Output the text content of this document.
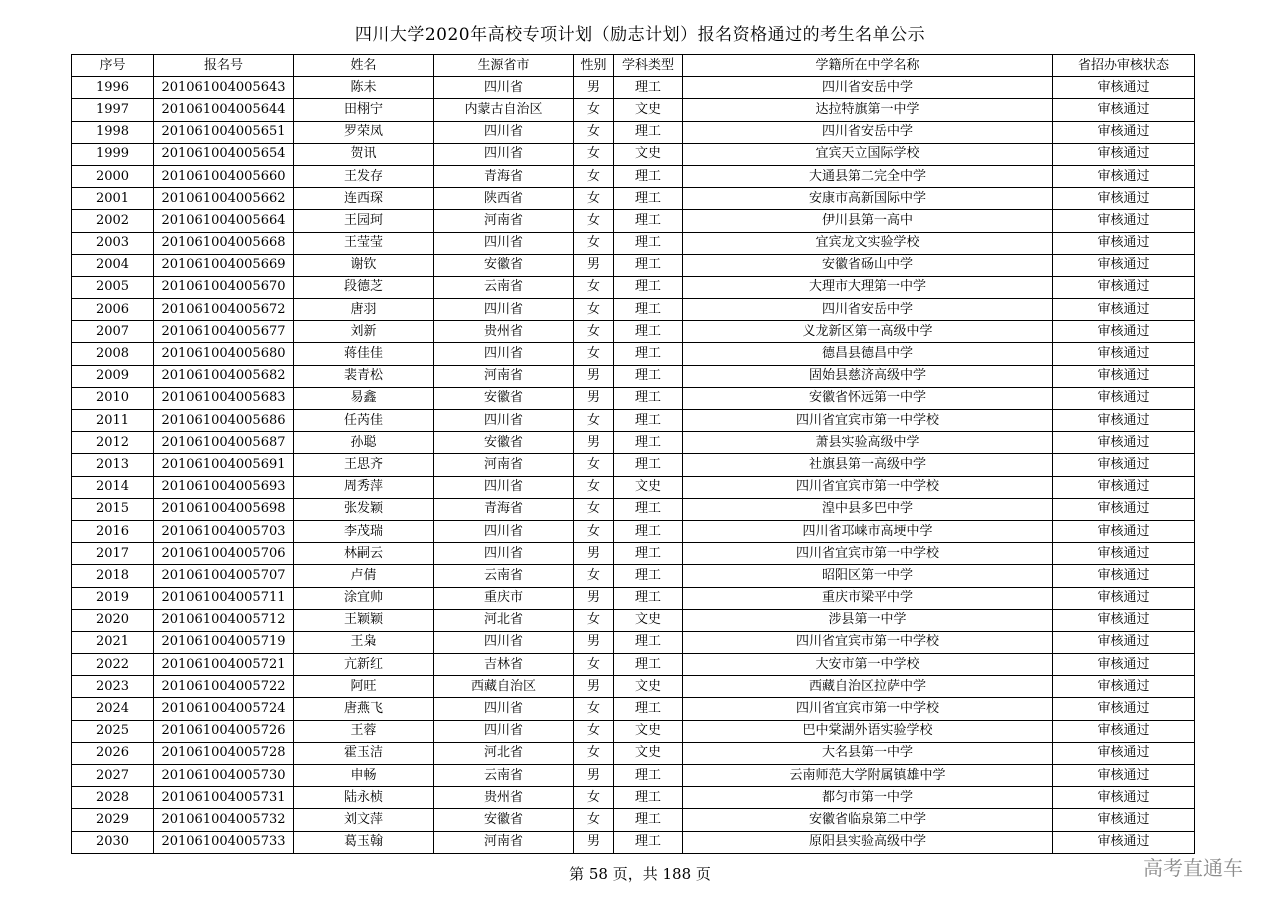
四川大学2020年高校专项计划（励志计划）报名资格通过的考生名单公示
序号	报名号	姓名	生源省市	性别	学科类型	学籍所在中学名称	省招办审核状态
1996	201061004005643	陈未	四川省	男	理工	四川省安岳中学	审核通过
1997	201061004005644	田栩宁	内蒙古自治区	女	文史	达拉特旗第一中学	审核通过
1998	201061004005651	罗荣凤	四川省	女	理工	四川省安岳中学	审核通过
1999	201061004005654	贺讯	四川省	女	文史	宜宾天立国际学校	审核通过
2000	201061004005660	王发存	青海省	女	理工	大通县第二完全中学	审核通过
2001	201061004005662	连西琛	陕西省	女	理工	安康市高新国际中学	审核通过
2002	201061004005664	王园珂	河南省	女	理工	伊川县第一高中	审核通过
2003	201061004005668	王莹莹	四川省	女	理工	宜宾龙文实验学校	审核通过
2004	201061004005669	谢钦	安徽省	男	理工	安徽省砀山中学	审核通过
2005	201061004005670	段德芝	云南省	女	理工	大理市大理第一中学	审核通过
2006	201061004005672	唐羽	四川省	女	理工	四川省安岳中学	审核通过
2007	201061004005677	刘新	贵州省	女	理工	义龙新区第一高级中学	审核通过
2008	201061004005680	蒋佳佳	四川省	女	理工	德昌县德昌中学	审核通过
2009	201061004005682	裴青松	河南省	男	理工	固始县慈济高级中学	审核通过
2010	201061004005683	易鑫	安徽省	男	理工	安徽省怀远第一中学	审核通过
2011	201061004005686	任芮佳	四川省	女	理工	四川省宜宾市第一中学校	审核通过
2012	201061004005687	孙聪	安徽省	男	理工	萧县实验高级中学	审核通过
2013	201061004005691	王思齐	河南省	女	理工	社旗县第一高级中学	审核通过
2014	201061004005693	周秀萍	四川省	女	文史	四川省宜宾市第一中学校	审核通过
2015	201061004005698	张发颖	青海省	女	理工	湟中县多巴中学	审核通过
2016	201061004005703	李茂瑞	四川省	女	理工	四川省邛崃市高埂中学	审核通过
2017	201061004005706	林嗣云	四川省	男	理工	四川省宜宾市第一中学校	审核通过
2018	201061004005707	卢倩	云南省	女	理工	昭阳区第一中学	审核通过
2019	201061004005711	涂宜帅	重庆市	男	理工	重庆市梁平中学	审核通过
2020	201061004005712	王颖颖	河北省	女	文史	涉县第一中学	审核通过
2021	201061004005719	王枭	四川省	男	理工	四川省宜宾市第一中学校	审核通过
2022	201061004005721	亢新红	吉林省	女	理工	大安市第一中学校	审核通过
2023	201061004005722	阿旺	西藏自治区	男	文史	西藏自治区拉萨中学	审核通过
2024	201061004005724	唐燕飞	四川省	女	理工	四川省宜宾市第一中学校	审核通过
2025	201061004005726	王蓉	四川省	女	文史	巴中棠湖外语实验学校	审核通过
2026	201061004005728	霍玉洁	河北省	女	文史	大名县第一中学	审核通过
2027	201061004005730	申畅	云南省	男	理工	云南师范大学附属镇雄中学	审核通过
2028	201061004005731	陆永桢	贵州省	女	理工	都匀市第一中学	审核通过
2029	201061004005732	刘文萍	安徽省	女	理工	安徽省临泉第二中学	审核通过
2030	201061004005733	葛玉翰	河南省	男	理工	原阳县实验高级中学	审核通过
第 58 页，共 188 页	高考直通车
